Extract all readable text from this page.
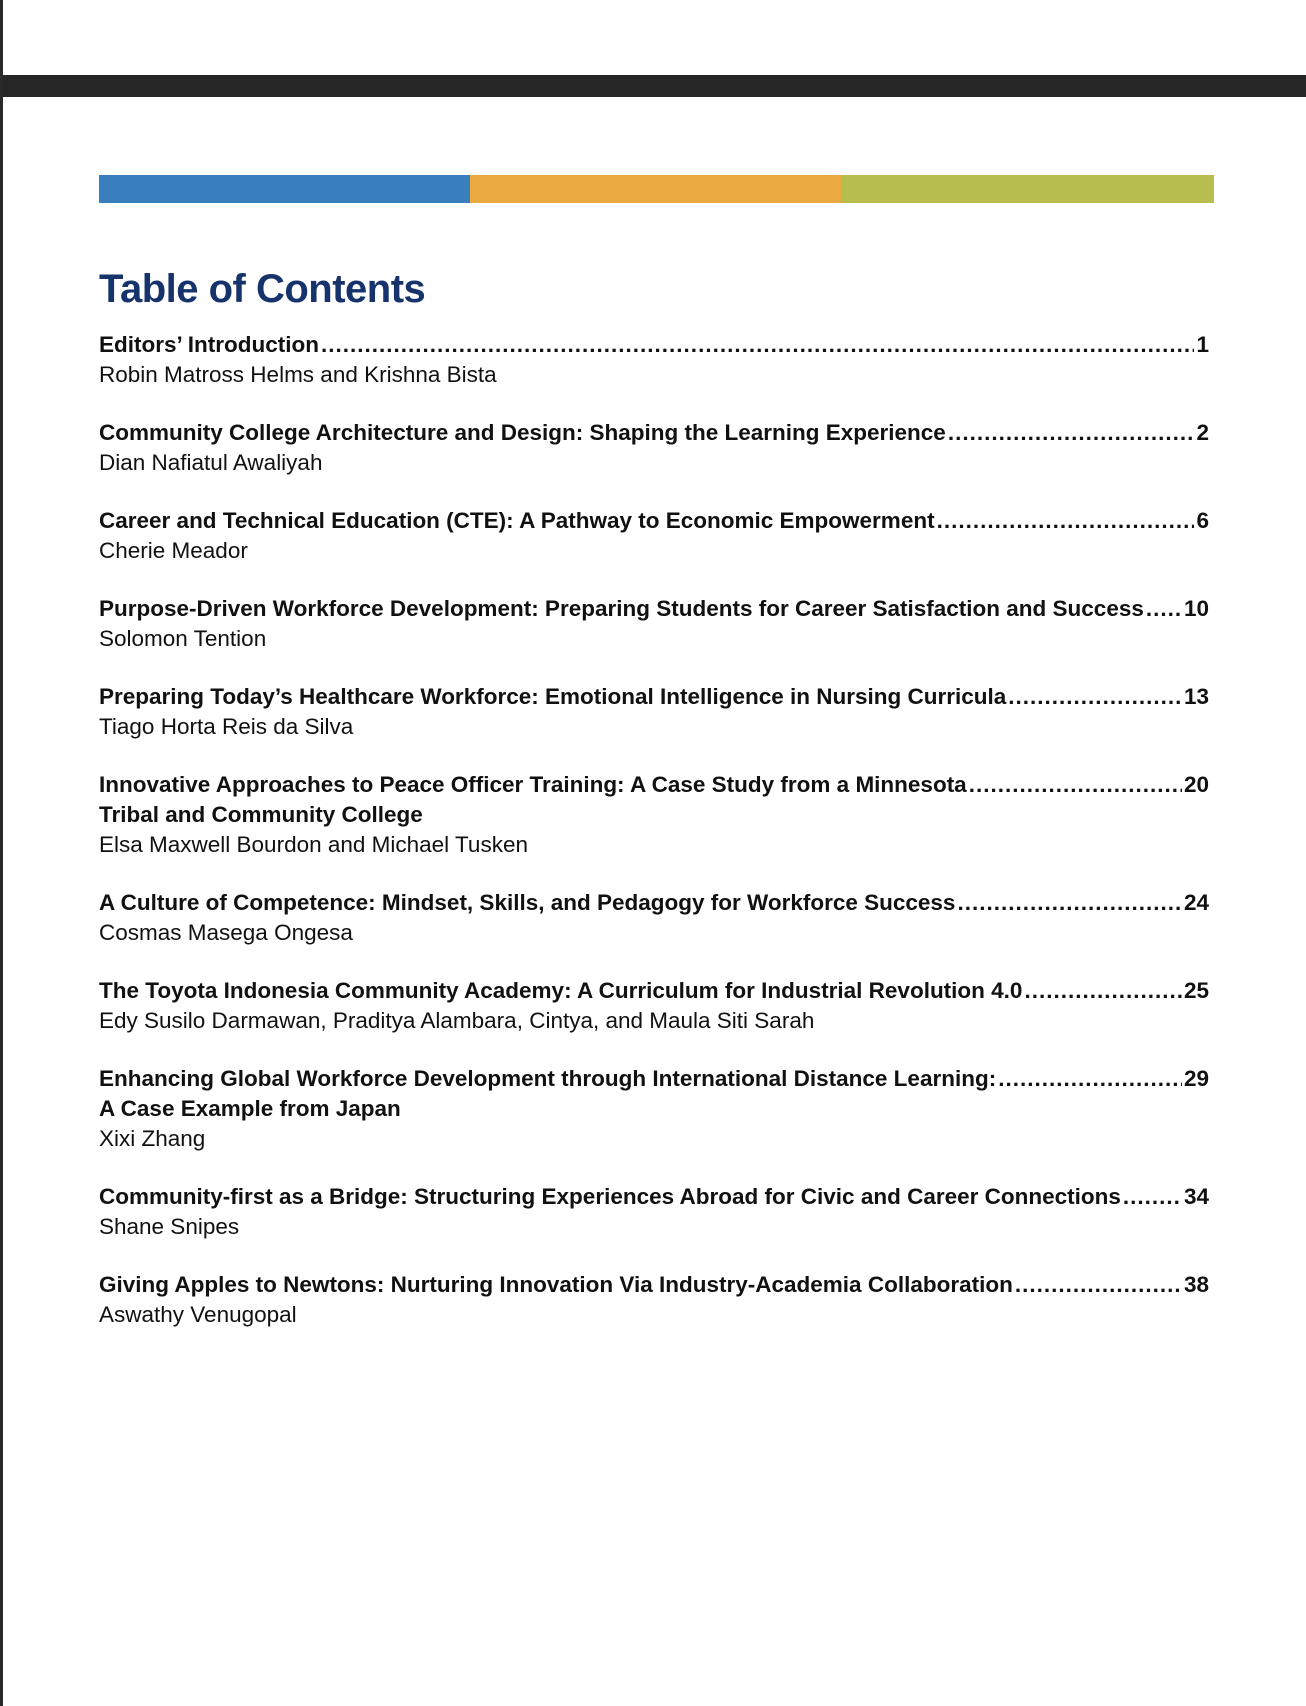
Table of Contents
Editors’ Introduction .....	1
Robin Matross Helms and Krishna Bista
Community College Architecture and Design: Shaping the Learning Experience .....	2
Dian Nafiatul Awaliyah
Career and Technical Education (CTE): A Pathway to Economic Empowerment .....	6
Cherie Meador
Purpose-Driven Workforce Development: Preparing Students for Career Satisfaction and Success ..... 10
Solomon Tention
Preparing Today’s Healthcare Workforce: Emotional Intelligence in Nursing Curricula .....	13
Tiago Horta Reis da Silva
Innovative Approaches to Peace Officer Training: A Case Study from a Minnesota .....	20
Tribal and Community College
Elsa Maxwell Bourdon and Michael Tusken
A Culture of Competence: Mindset, Skills, and Pedagogy for Workforce Success .....	24
Cosmas Masega Ongesa
The Toyota Indonesia Community Academy: A Curriculum for Industrial Revolution 4.0 .....	25
Edy Susilo Darmawan, Praditya Alambara, Cintya, and Maula Siti Sarah
Enhancing Global Workforce Development through International Distance Learning: .....	29
A Case Example from Japan
Xixi Zhang
Community-first as a Bridge: Structuring Experiences Abroad for Civic and Career Connections .....	34
Shane Snipes
Giving Apples to Newtons: Nurturing Innovation Via Industry-Academia Collaboration .....	38
Aswathy Venugopal
